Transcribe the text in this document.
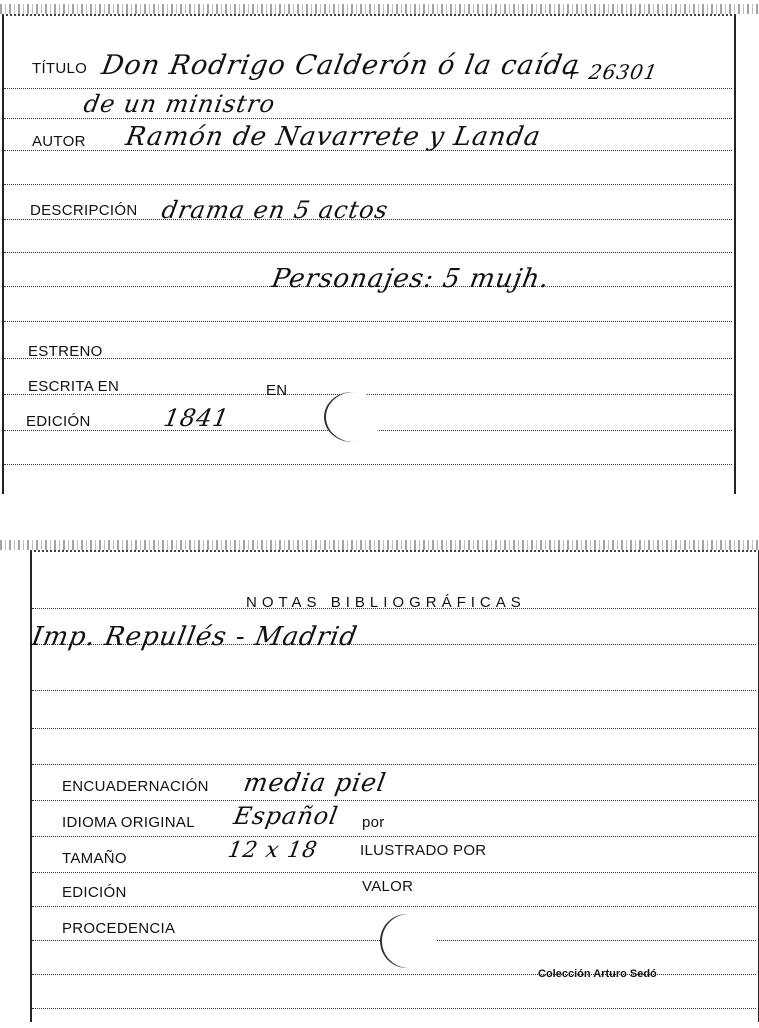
TÍTULO Don Rodrigo Calderón ó la caída
+ 26301
de un ministro
AUTOR Ramón de Navarrete y Landa
DESCRIPCIÓN drama en 5 actos
Personajes: 5 mujh.
ESTRENO
ESCRITA EN	EN
EDICIÓN	1841
NOTAS BIBLIOGRÁFICAS
Imp. Repullés - Madrid
ENCUADERNACIÓN media piel
IDIOMA ORIGINAL Español por
TAMAÑO	12 x 18	ILUSTRADO POR
EDICIÓN	VALOR
PROCEDENCIA
Colección Arturo Sedó
